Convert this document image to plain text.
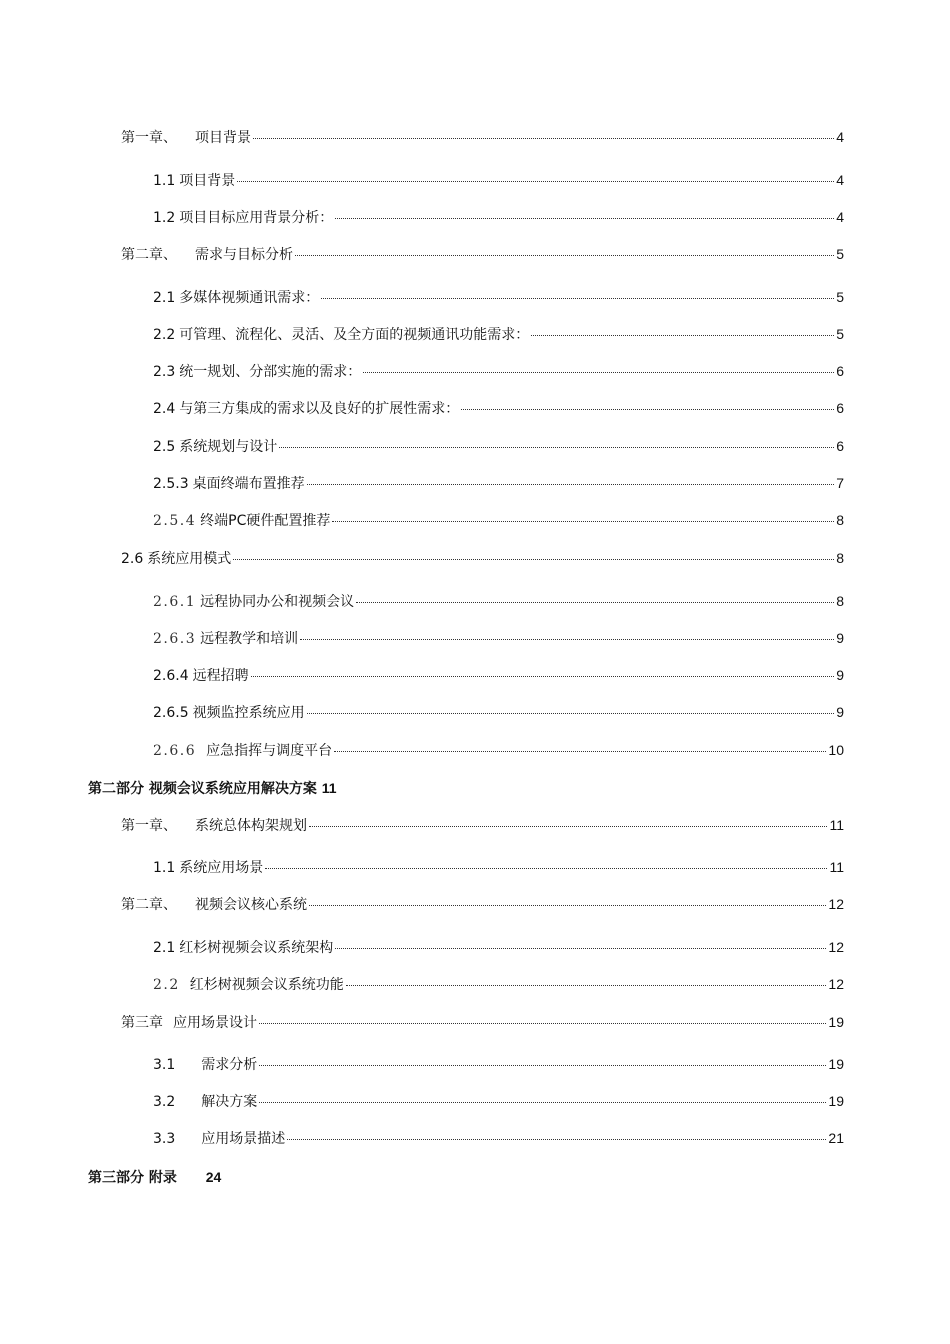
第一章、 项目背景	4
1.1 项目背景	4
1.2 项目目标应用背景分析：	4
第二章、 需求与目标分析	5
2.1 多媒体视频通讯需求：	5
2.2 可管理、流程化、灵活、及全方面的视频通讯功能需求：	5
2.3 统一规划、分部实施的需求：	6
2.4 与第三方集成的需求以及良好的扩展性需求：	6
2.5 系统规划与设计	6
2.5.3 桌面终端布置推荐	7
2.5.4 终端PC硬件配置推荐	8
2.6 系统应用模式	8
2.6.1 远程协同办公和视频会议	8
2.6.3 远程教学和培训	9
2.6.4 远程招聘	9
2.6.5 视频监控系统应用	9
2.6.6 应急指挥与调度平台	10
第二部分 视频会议系统应用解决方案 11
第一章、 系统总体构架规划	11
1.1 系统应用场景	11
第二章、 视频会议核心系统	12
2.1 红杉树视频会议系统架构	12
2.2 红杉树视频会议系统功能	12
第三章 应用场景设计	19
3.1 需求分析	19
3.2 解决方案	19
3.3 应用场景描述	21
第三部分 附录 24
